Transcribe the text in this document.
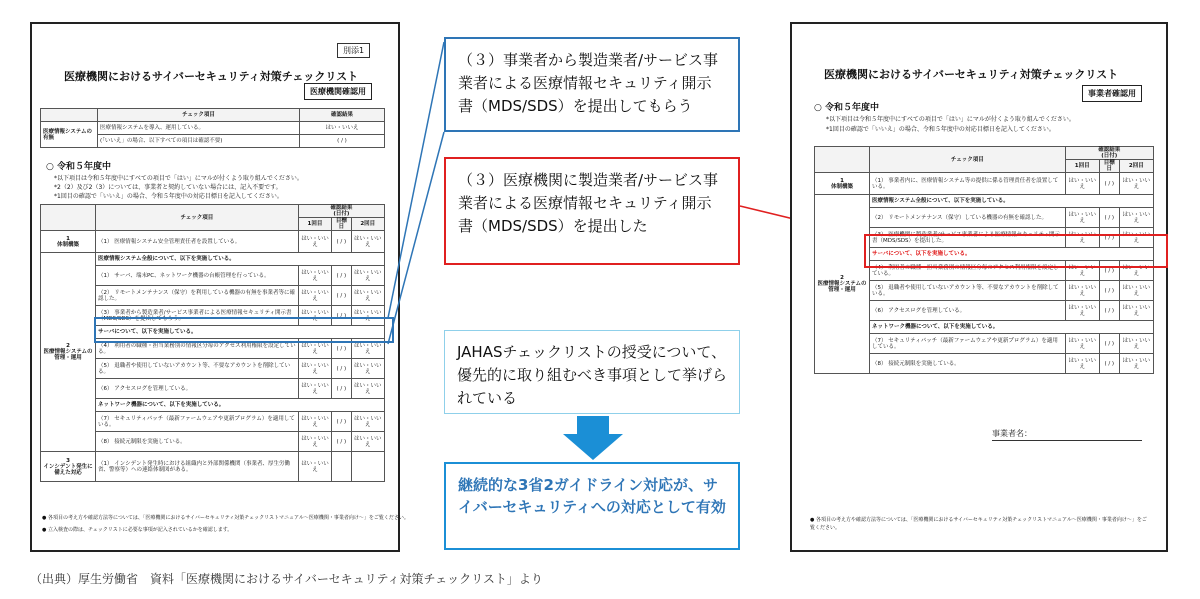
別添1
医療機関におけるサイバーセキュリティ対策チェックリスト
医療機関確認用
	チェック項目	確認結果
医療情報システムの有無	医療情報システムを導入、運用している。	はい・いいえ
	(「いいえ」の場合、以下すべての項目は確認不要)	( / )
○ 令和５年度中
*以下項目は令和５年度中にすべての項目で「はい」にマルが付くよう取り組んでください。
*2（2）及び2（3）については、事業者と契約していない場合には、記入不要です。
*1回目の確認で「いいえ」の場合、令和５年度中の対応目標日を記入してください。
	チェック項目	確認結果
(日付)		
		1回目	目標日	2回目
1
体制構築	（1） 医療情報システム安全管理責任者を設置している。	はい・いいえ	( / )	はい・いいえ
2
医療情報システムの管理・運用	医療情報システム全般について、以下を実施している。			
	（1） サーバ、端末PC、ネットワーク機器の台帳管理を行っている。	はい・いいえ	( / )	はい・いいえ
	（2） リモートメンテナンス（保守）を利用している機器の有無を事業者等に確認した。	はい・いいえ	( / )	はい・いいえ
	（3） 事業者から製造業者/サービス事業者による医療情報セキュリティ開示書（MDS/SDS）を提出してもらう。	はい・いいえ	( / )	はい・いいえ
	サーバについて、以下を実施している。			
	（4） 利用者の職種・担当業務別の情報区分毎のアクセス利用権限を設定している。	はい・いいえ	( / )	はい・いいえ
	（5） 退職者や使用していないアカウント等、不要なアカウントを削除している。	はい・いいえ	( / )	はい・いいえ
	（6） アクセスログを管理している。	はい・いいえ	( / )	はい・いいえ
	ネットワーク機器について、以下を実施している。			
	（7） セキュリティパッチ（最新ファームウェアや更新プログラム）を適用している。	はい・いいえ	( / )	はい・いいえ
	（8） 接続元制限を実施している。	はい・いいえ	( / )	はい・いいえ
3
インシデント発生に備えた対応	（1） インシデント発生時における組織内と外部関係機関（事業者、厚生労働省、警察等）への連絡体制図がある。	はい・いいえ		
● 各項目の考え方や確認方法等については、「医療機関におけるサイバーセキュリティ対策チェックリストマニュアル～医療機関・事業者向け～」をご覧ください。
● 立入検査の際は、チェックリストに必要な事項が記入されているかを確認します。
（３）事業者から製造業者/サービス事業者による医療情報セキュリティ開示書（MDS/SDS）を提出してもらう
（３）医療機関に製造業者/サービス事業者による医療情報セキュリティ開示書（MDS/SDS）を提出した
JAHASチェックリストの授受について、優先的に取り組むべき事項として挙げられている
継続的な3省2ガイドライン対応が、サイバーセキュリティへの対応として有効
医療機関におけるサイバーセキュリティ対策チェックリスト
事業者確認用
○ 令和５年度中
*以下項目は令和５年度中にすべての項目で「はい」にマルが付くよう取り組んでください。
*1回目の確認で「いいえ」の場合、令和５年度中の対応目標日を記入してください。
	チェック項目	確認結果
(日付)		
		1回目	目標日	2回目
1
体制構築	（1） 事業者内に、医療情報システム等の提供に係る管理責任者を設置している。	はい・いいえ	( / )	はい・いいえ
2
医療情報システムの管理・運用	医療情報システム全般について、以下を実施している。			
	（2） リモートメンテナンス（保守）している機器の有無を確認した。	はい・いいえ	( / )	はい・いいえ
	（3） 医療機関に製造業者/サービス事業者による医療情報セキュリティ開示書（MDS/SDS）を提出した。	はい・いいえ	( / )	はい・いいえ
	サーバについて、以下を実施している。			
	（4） 利用者の職種・担当業務別の情報区分毎のアクセス利用権限を設定している。	はい・いいえ	( / )	はい・いいえ
	（5） 退職者や使用していないアカウント等、不要なアカウントを削除している。	はい・いいえ	( / )	はい・いいえ
	（6） アクセスログを管理している。	はい・いいえ	( / )	はい・いいえ
	ネットワーク機器について、以下を実施している。			
	（7） セキュリティパッチ（最新ファームウェアや更新プログラム）を適用している。	はい・いいえ	( / )	はい・いいえ
	（8） 接続元制限を実施している。	はい・いいえ	( / )	はい・いいえ
事業者名：
● 各項目の考え方や確認方法等については、「医療機関におけるサイバーセキュリティ対策チェックリストマニュアル～医療機関・事業者向け～」をご覧ください。
（出典）厚生労働省　資料「医療機関におけるサイバーセキュリティ対策チェックリスト」より
